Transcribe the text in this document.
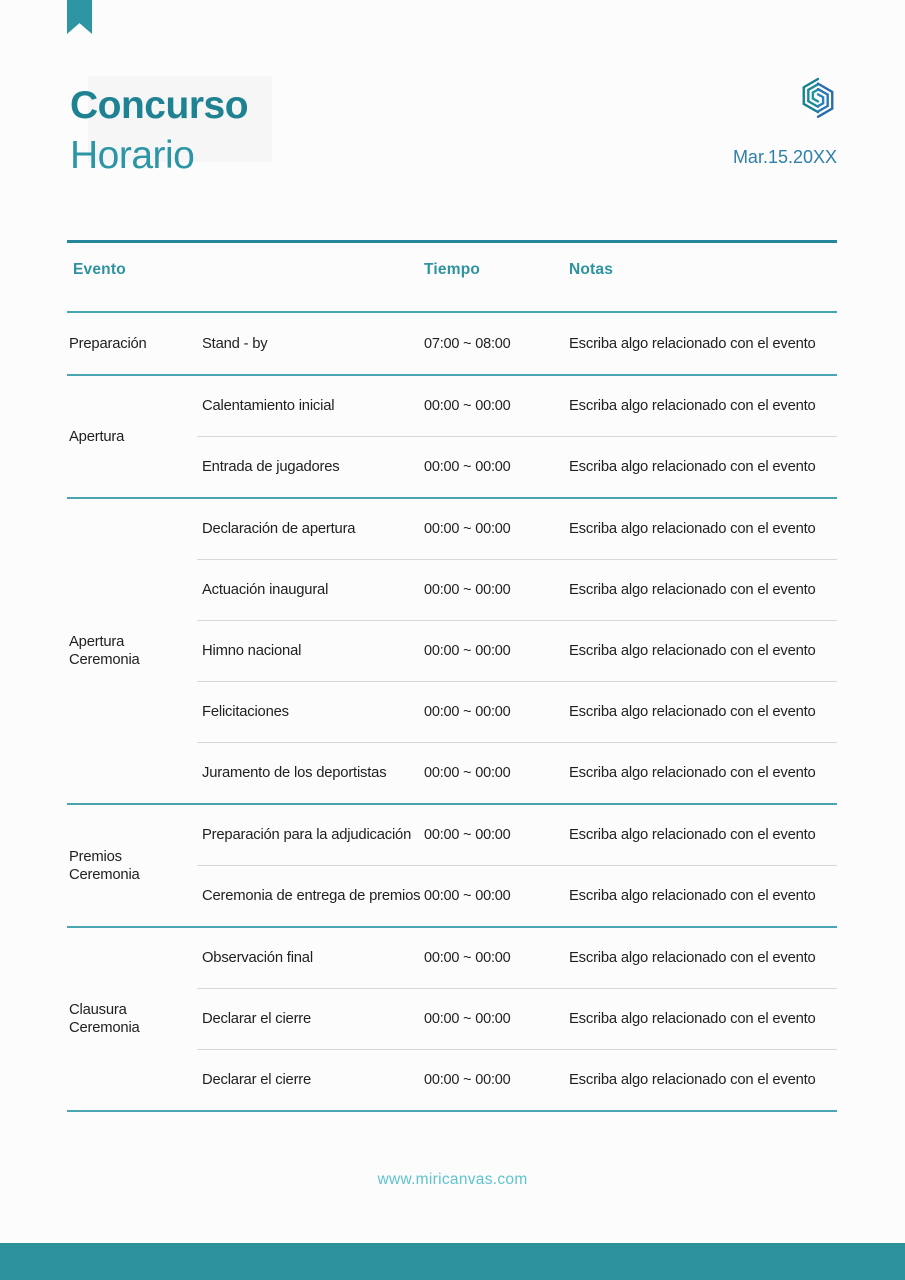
Concurso
Horario	Mar.15.20XX
Evento	Tiempo	Notas
Preparación	Stand - by	07:00 ~ 08:00	Escriba algo relacionado con el evento
Apertura
Calentamiento inicial	00:00 ~ 00:00	Escriba algo relacionado con el evento
Entrada de jugadores	00:00 ~ 00:00	Escriba algo relacionado con el evento
Apertura Ceremonia
Declaración de apertura	00:00 ~ 00:00	Escriba algo relacionado con el evento
Actuación inaugural	00:00 ~ 00:00	Escriba algo relacionado con el evento
Himno nacional	00:00 ~ 00:00	Escriba algo relacionado con el evento
Felicitaciones	00:00 ~ 00:00	Escriba algo relacionado con el evento
Juramento de los deportistas	00:00 ~ 00:00	Escriba algo relacionado con el evento
Premios Ceremonia
Preparación para la adjudicación 00:00 ~ 00:00	Escriba algo relacionado con el evento
Ceremonia de entrega de premios 00:00 ~ 00:00	Escriba algo relacionado con el evento
Clausura Ceremonia
Observación final	00:00 ~ 00:00	Escriba algo relacionado con el evento
Declarar el cierre	00:00 ~ 00:00	Escriba algo relacionado con el evento
Declarar el cierre	00:00 ~ 00:00	Escriba algo relacionado con el evento
www.miricanvas.com
